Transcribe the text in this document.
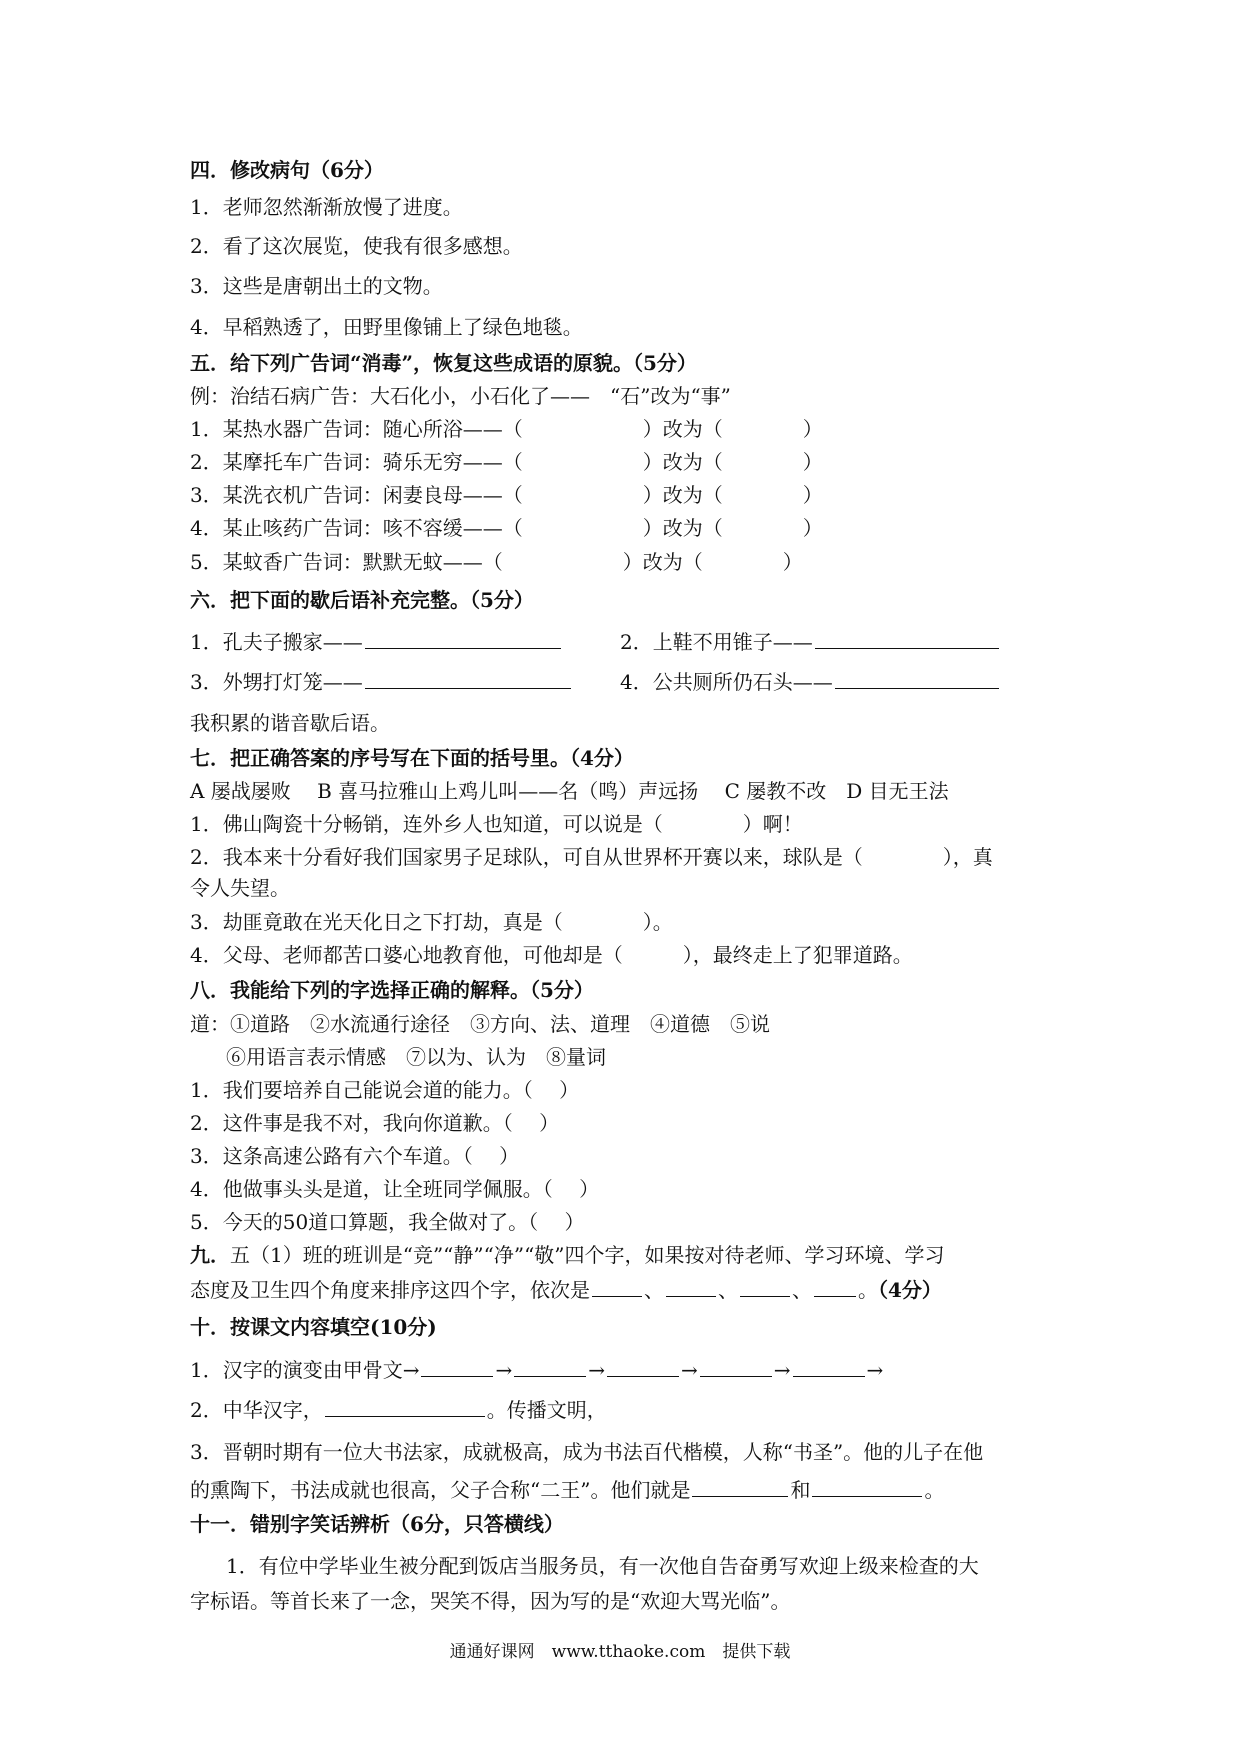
四．修改病句（6分）
1．老师忽然渐渐放慢了进度。
2．看了这次展览，使我有很多感想。
3．这些是唐朝出土的文物。
4．早稻熟透了，田野里像铺上了绿色地毯。
五．给下列广告词“消毒”，恢复这些成语的原貌。（5分）
例：治结石病广告：大石化小，小石化了——　“石”改为“事”
1．某热水器广告词：随心所浴——（　　　　　　）改为（　　　　）
2．某摩托车广告词：骑乐无穷——（　　　　　　）改为（　　　　）
3．某洗衣机广告词：闲妻良母——（　　　　　　）改为（　　　　）
4．某止咳药广告词：咳不容缓——（　　　　　　）改为（　　　　）
5．某蚊香广告词：默默无蚊——（　　　　　　）改为（　　　　）
六．把下面的歇后语补充完整。（5分）
1．孔夫子搬家——	2．上鞋不用锥子——
3．外甥打灯笼——	4．公共厕所仍石头——
我积累的谐音歇后语。
七．把正确答案的序号写在下面的括号里。（4分）
A 屡战屡败　 B 喜马拉雅山上鸡儿叫——名（鸣）声远扬　 C 屡教不改　D 目无王法
1．佛山陶瓷十分畅销，连外乡人也知道，可以说是（　　　　	）啊！
2．我本来十分看好我们国家男子足球队，可自从世界杯开赛以来，球队是（　　　　	），真
令人失望。
3．劫匪竟敢在光天化日之下打劫，真是（　　　　	）。
4．父母、老师都苦口婆心地教育他，可他却是（　　　	），最终走上了犯罪道路。
八．我能给下列的字选择正确的解释。（5分）
道：①道路　②水流通行途径　③方向、法、道理　④道德　⑤说
⑥用语言表示情感　⑦以为、认为　⑧量词
1．我们要培养自己能说会道的能力。（　 ）
2．这件事是我不对，我向你道歉。（　 ）
3．这条高速公路有六个车道。（　 ）
4．他做事头头是道，让全班同学佩服。（　 ）
5．今天的50道口算题，我全做对了。（　 ）
九．五（1）班的班训是“竞”“静”“净”“敬”四个字，如果按对待老师、学习环境、学习
态度及卫生四个角度来排序这四个字，依次是	、	、	、 。（4分）
十．按课文内容填空(10分)
1．汉字的演变由甲骨文→	→	→	→	→	→
2．中华汉字，	。传播文明，
3．晋朝时期有一位大书法家，成就极高，成为书法百代楷模，人称“书圣”。他的儿子在他
的熏陶下，书法成就也很高，父子合称“二王”。他们就是	和	。
十一．错别字笑话辨析（6分，只答横线）
1．有位中学毕业生被分配到饭店当服务员，有一次他自告奋勇写欢迎上级来检查的大
字标语。等首长来了一念，哭笑不得，因为写的是“欢迎大骂光临”。
通通好课网　www.tthaoke.com　提供下载
